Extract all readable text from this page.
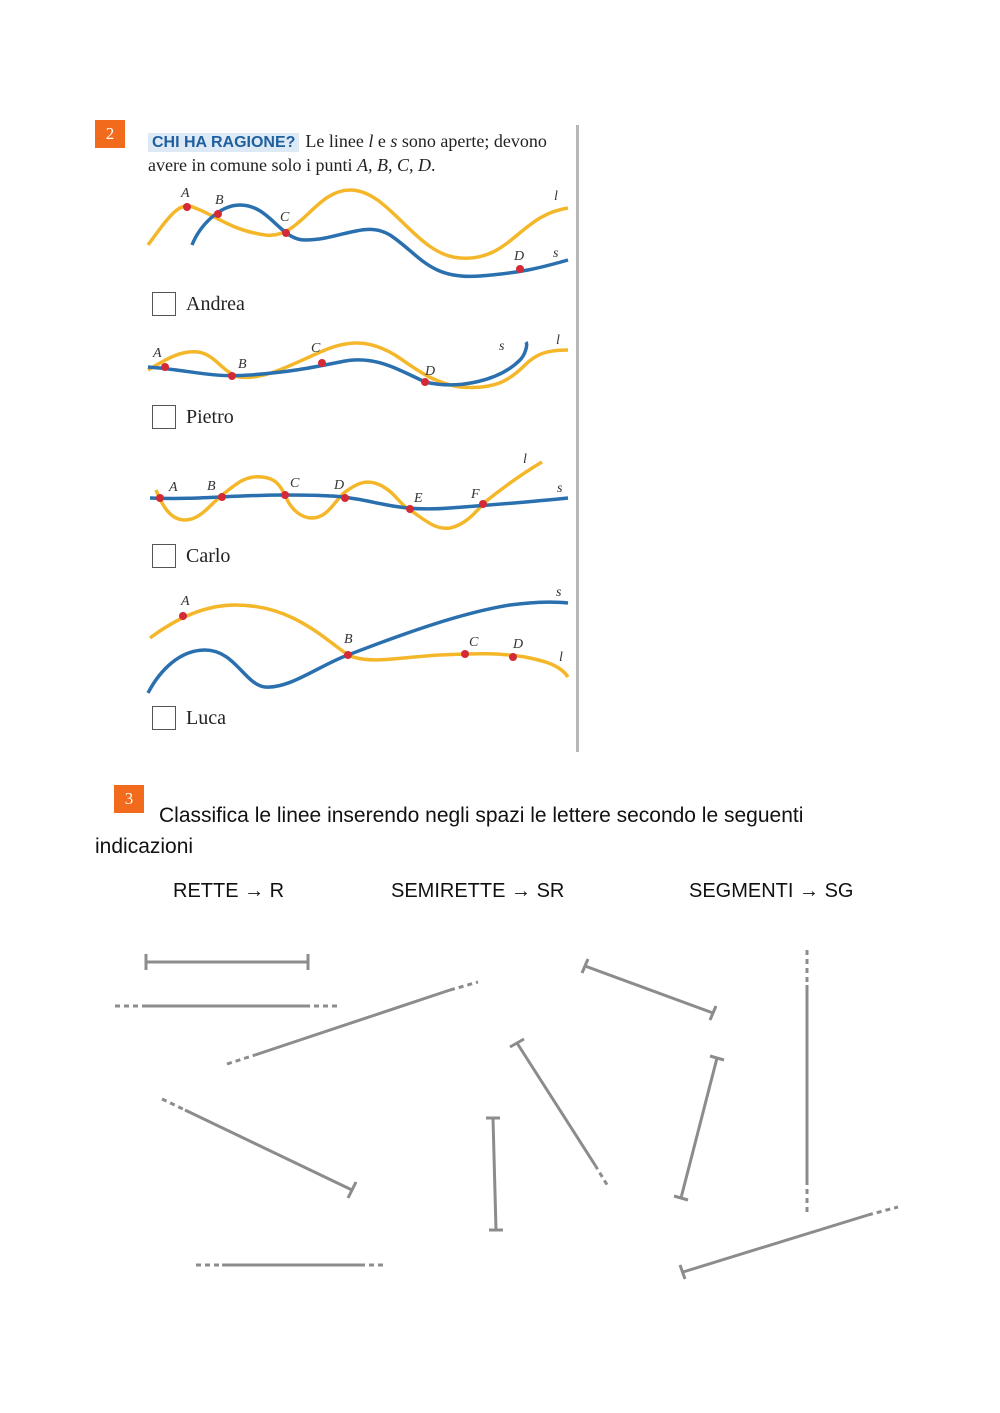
2	CHI HA RAGIONE? Le linee l e s sono aperte; devono avere in comune solo i punti A, B, C, D.
A B
C
D
l
s
Andrea
A
B
C
D
l
s
Pietro
A B	C D
E	F
l
s
Carlo
A
B	C D
l
s
Luca
3
Classifica le linee inserendo negli spazi le lettere secondo le seguenti indicazioni
RETTE → R	SEMIRETTE → SR	SEGMENTI → SG
